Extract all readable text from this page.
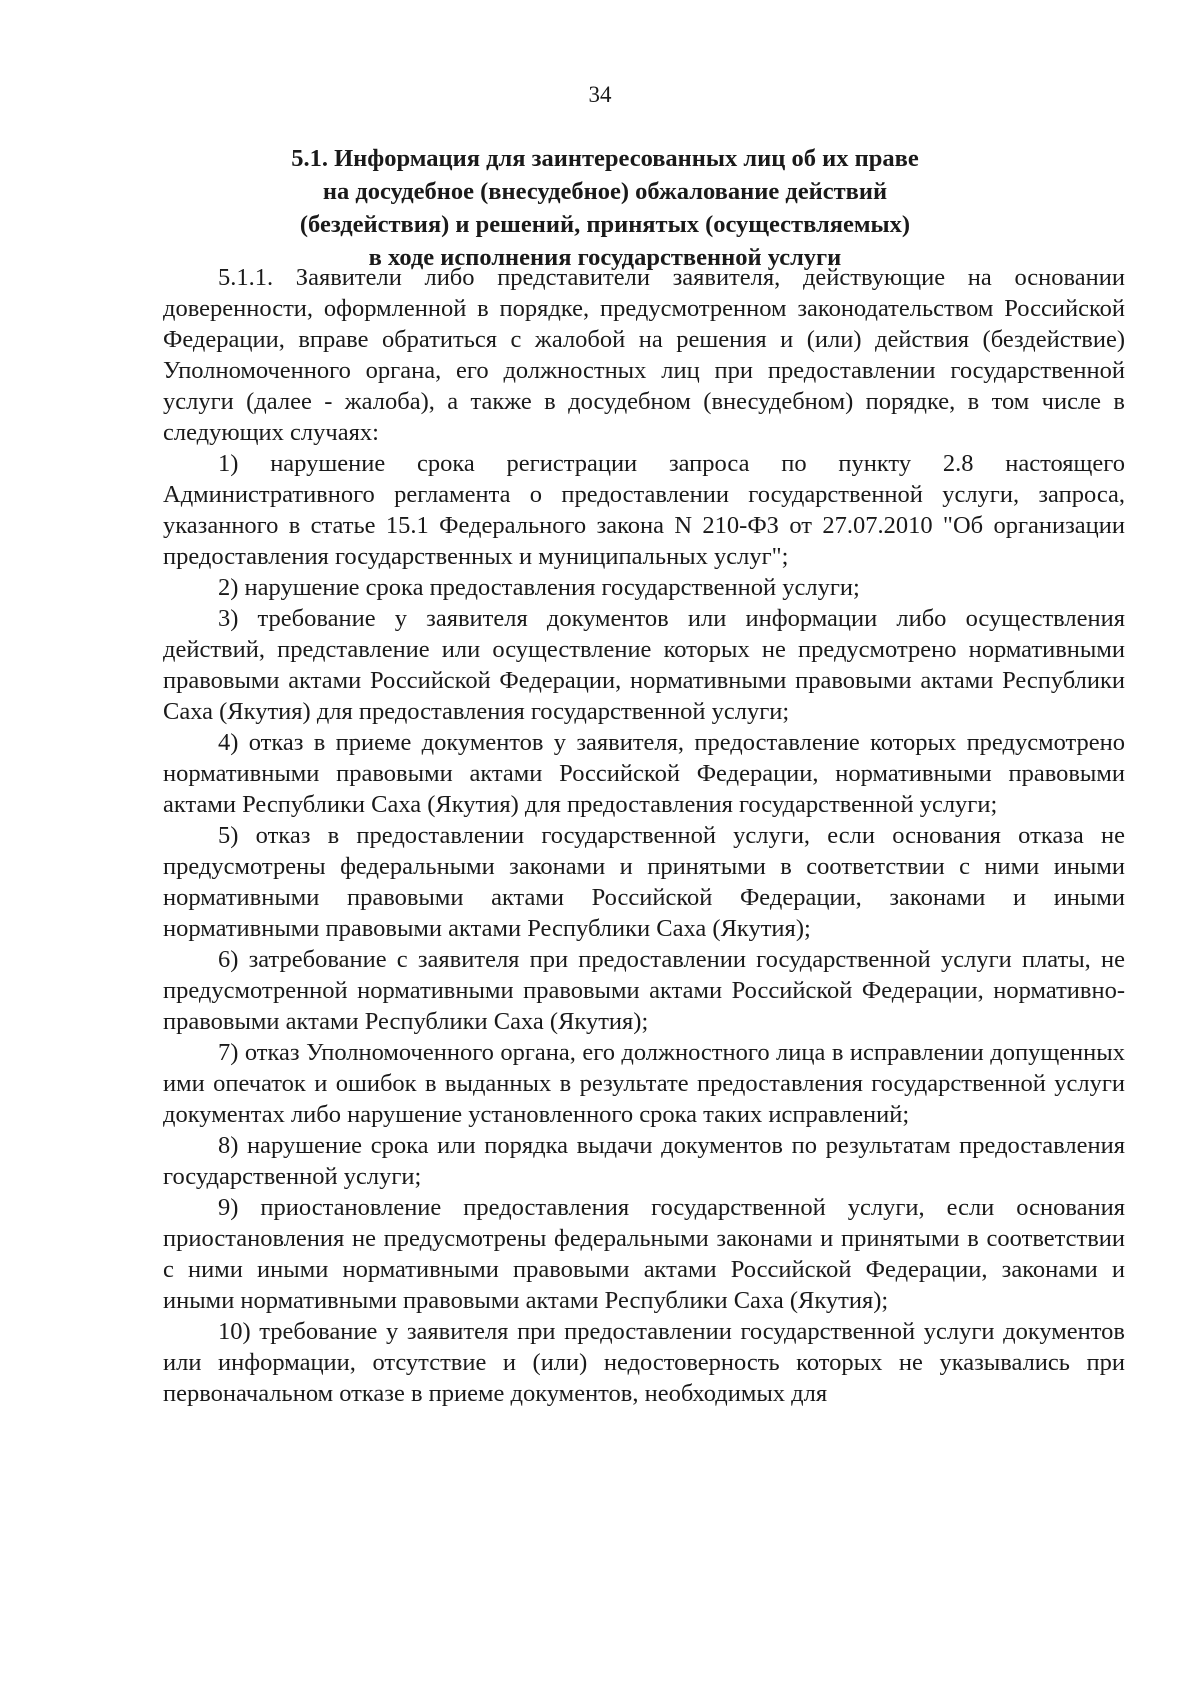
34
5.1. Информация для заинтересованных лиц об их праве
на досудебное (внесудебное) обжалование действий
(бездействия) и решений, принятых (осуществляемых)
в ходе исполнения государственной услуги

5.1.1. Заявители либо представители заявителя, действующие на основании доверенности, оформленной в порядке, предусмотренном законодательством Российской Федерации, вправе обратиться с жалобой на решения и (или) действия (бездействие) Уполномоченного органа, его должностных лиц при предоставлении государственной услуги (далее - жалоба), а также в досудебном (внесудебном) порядке, в том числе в следующих случаях:

1) нарушение срока регистрации запроса по пункту 2.8 настоящего Административного регламента о предоставлении государственной услуги, запроса, указанного в статье 15.1 Федерального закона N 210-ФЗ от 27.07.2010 "Об организации предоставления государственных и муниципальных услуг";

2) нарушение срока предоставления государственной услуги;

3) требование у заявителя документов или информации либо осуществления действий, представление или осуществление которых не предусмотрено нормативными правовыми актами Российской Федерации, нормативными правовыми актами Республики Саха (Якутия) для предоставления государственной услуги;

4) отказ в приеме документов у заявителя, предоставление которых предусмотрено нормативными правовыми актами Российской Федерации, нормативными правовыми актами Республики Саха (Якутия) для предоставления государственной услуги;

5) отказ в предоставлении государственной услуги, если основания отказа не предусмотрены федеральными законами и принятыми в соответствии с ними иными нормативными правовыми актами Российской Федерации, законами и иными нормативными правовыми актами Республики Саха (Якутия);

6) затребование с заявителя при предоставлении государственной услуги платы, не предусмотренной нормативными правовыми актами Российской Федерации, нормативно-правовыми актами Республики Саха (Якутия);

7) отказ Уполномоченного органа, его должностного лица в исправлении допущенных ими опечаток и ошибок в выданных в результате предоставления государственной услуги документах либо нарушение установленного срока таких исправлений;

8) нарушение срока или порядка выдачи документов по результатам предоставления государственной услуги;

9) приостановление предоставления государственной услуги, если основания приостановления не предусмотрены федеральными законами и принятыми в соответствии с ними иными нормативными правовыми актами Российской Федерации, законами и иными нормативными правовыми актами Республики Саха (Якутия);

10) требование у заявителя при предоставлении государственной услуги документов или информации, отсутствие и (или) недостоверность которых не указывались при первоначальном отказе в приеме документов, необходимых для
